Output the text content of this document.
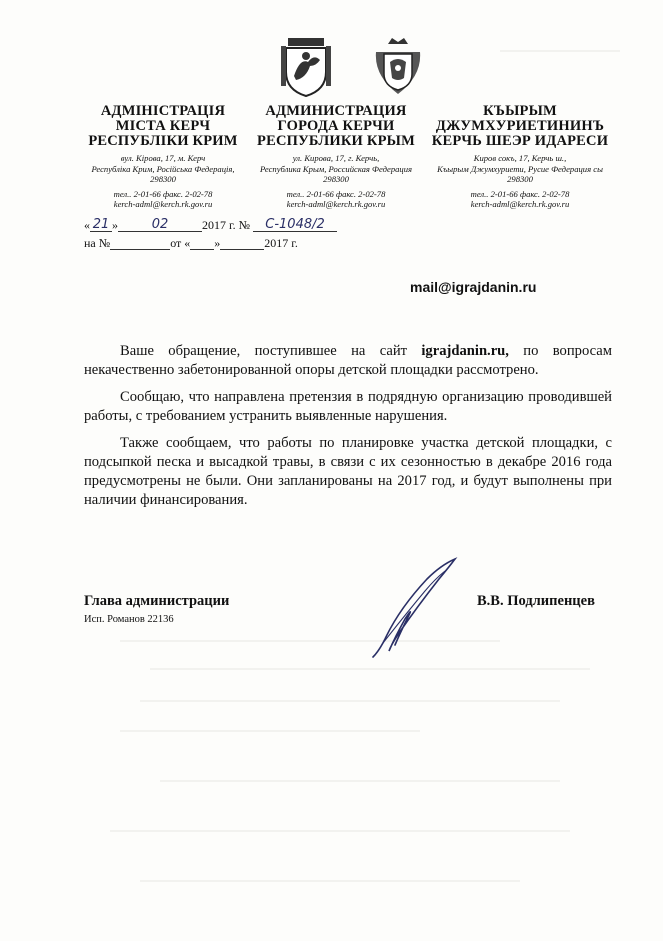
АДМІНІСТРАЦІЯ
МІСТА КЕРЧ
РЕСПУБЛІКИ КРИМ
вул. Кірова, 17, м. Керч
Республіка Крим, Російська Федерація,
298300
тел.. 2-01-66 факс. 2-02-78
kerch-adml@kerch.rk.gov.ru
АДМИНИСТРАЦИЯ
ГОРОДА КЕРЧИ
РЕСПУБЛИКИ КРЫМ
ул. Кирова, 17, г. Керчь,
Республика Крым, Российская Федерация
298300
тел.. 2-01-66 факс. 2-02-78
kerch-adml@kerch.rk.gov.ru
КЪЫРЫМ
ДЖУМХУРИЕТИНИНЪ
КЕРЧЬ ШЕЭР ИДАРЕСИ
Киров сокъ, 17, Керчь ш.,
Къырым Джумхуриети, Русие Федерация сы
298300
тел.. 2-01-66 факс. 2-02-78
kerch-adml@kerch.rk.gov.ru
« 21 »	02	2017 г. № С-1048/2
на №	от « »	2017 г.
mail@igrajdanin.ru

Ваше обращение, поступившее на сайт igrajdanin.ru, по вопросам некачественно забетонированной опоры детской площадки рассмотрено.

Сообщаю, что направлена претензия в подрядную организацию проводившей работы, с требованием устранить выявленные нарушения.

Также сообщаем, что работы по планировке участка детской площадки, с подсыпкой песка и высадкой травы, в связи с их сезонностью в декабре 2016 года предусмотрены не были. Они запланированы на 2017 год, и будут выполнены при наличии финансирования.

Глава администрации	В.В. Подлипенцев
Исп. Романов 22136
